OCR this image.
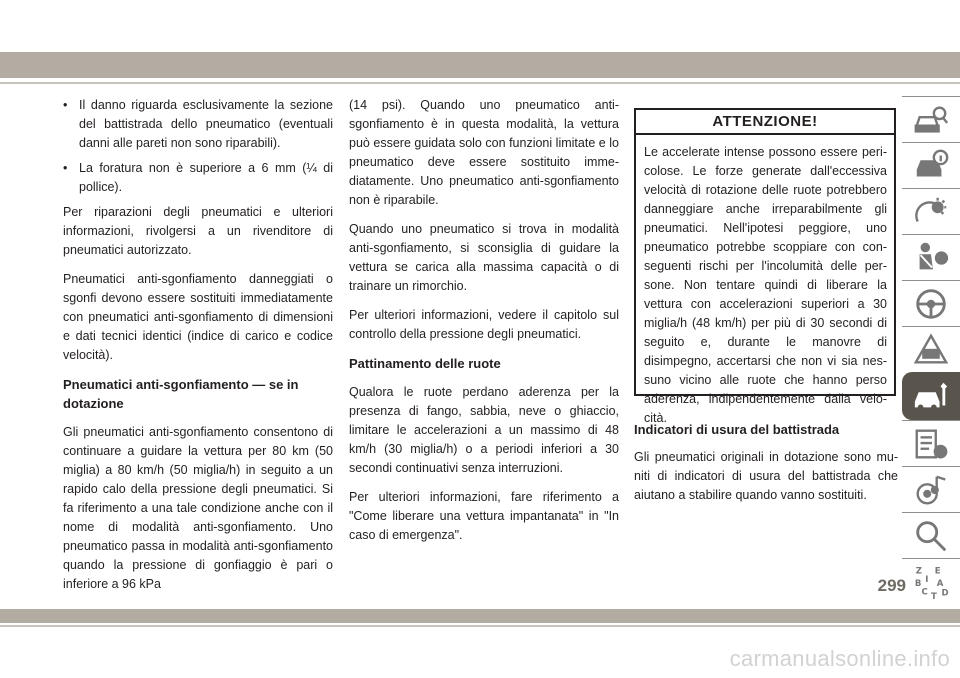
• Il danno riguarda esclusivamente la sezione del battistrada dello pneumatico (eventuali danni alle pareti non sono riparabili).
• La foratura non è superiore a 6 mm (¼ di pollice).

Per riparazioni degli pneumatici e ulteriori informazioni, rivolgersi a un rivenditore di pneumatici autorizzato.

Pneumatici anti-sgonfiamento danneggiati o sgonfi devono essere sostituiti immediatamente con pneumatici anti-sgonfiamento di dimensioni e dati tecnici identici (indice di carico e codice velocità).

Pneumatici anti-sgonfiamento — se in dotazione

Gli pneumatici anti-sgonfiamento consentono di continuare a guidare la vettura per 80 km (50 miglia) a 80 km/h (50 miglia/h) in seguito a un rapido calo della pressione degli pneumatici. Si fa riferimento a una tale condizione anche con il nome di modalità anti-sgonfiamento. Uno pneumatico passa in modalità anti-sgonfiamento quando la pressione di gonfiaggio è pari o inferiore a 96 kPa

(14 psi). Quando uno pneumatico anti-sgonfiamento è in questa modalità, la vettura può essere guidata solo con funzioni limitate e lo pneumatico deve essere sostituito immediatamente. Uno pneumatico anti-sgonfiamento non è riparabile.

Quando uno pneumatico si trova in modalità anti-sgonfiamento, si sconsiglia di guidare la vettura se carica alla massima capacità o di trainare un rimorchio.

Per ulteriori informazioni, vedere il capitolo sul controllo della pressione degli pneumatici.

Pattinamento delle ruote

Qualora le ruote perdano aderenza per la presenza di fango, sabbia, neve o ghiaccio, limitare le accelerazioni a un massimo di 48 km/h (30 miglia/h) o a periodi inferiori a 30 secondi continuativi senza interruzioni.

Per ulteriori informazioni, fare riferimento a "Come liberare una vettura impantanata" in "In caso di emergenza".

ATTENZIONE!
Le accelerate intense possono essere pericolose. Le forze generate dall'eccessiva velocità di rotazione delle ruote potrebbero danneggiare anche irreparabilmente gli pneumatici. Nell'ipotesi peggiore, uno pneumatico potrebbe scoppiare con conseguenti rischi per l'incolumità delle persone. Non tentare quindi di liberare la vettura con accelerazioni superiori a 30 miglia/h (48 km/h) per più di 30 secondi di seguito e, durante le manovre di disimpegno, accertarsi che non vi sia nessuno vicino alle ruote che hanno perso aderenza, indipendentemente dalla velocità.
Indicatori di usura del battistrada

Gli pneumatici originali in dotazione sono muniti di indicatori di usura del battistrada che aiutano a stabilire quando vanno sostituiti.

Z E
B I A
C T D
299
carmanualsonline.info
